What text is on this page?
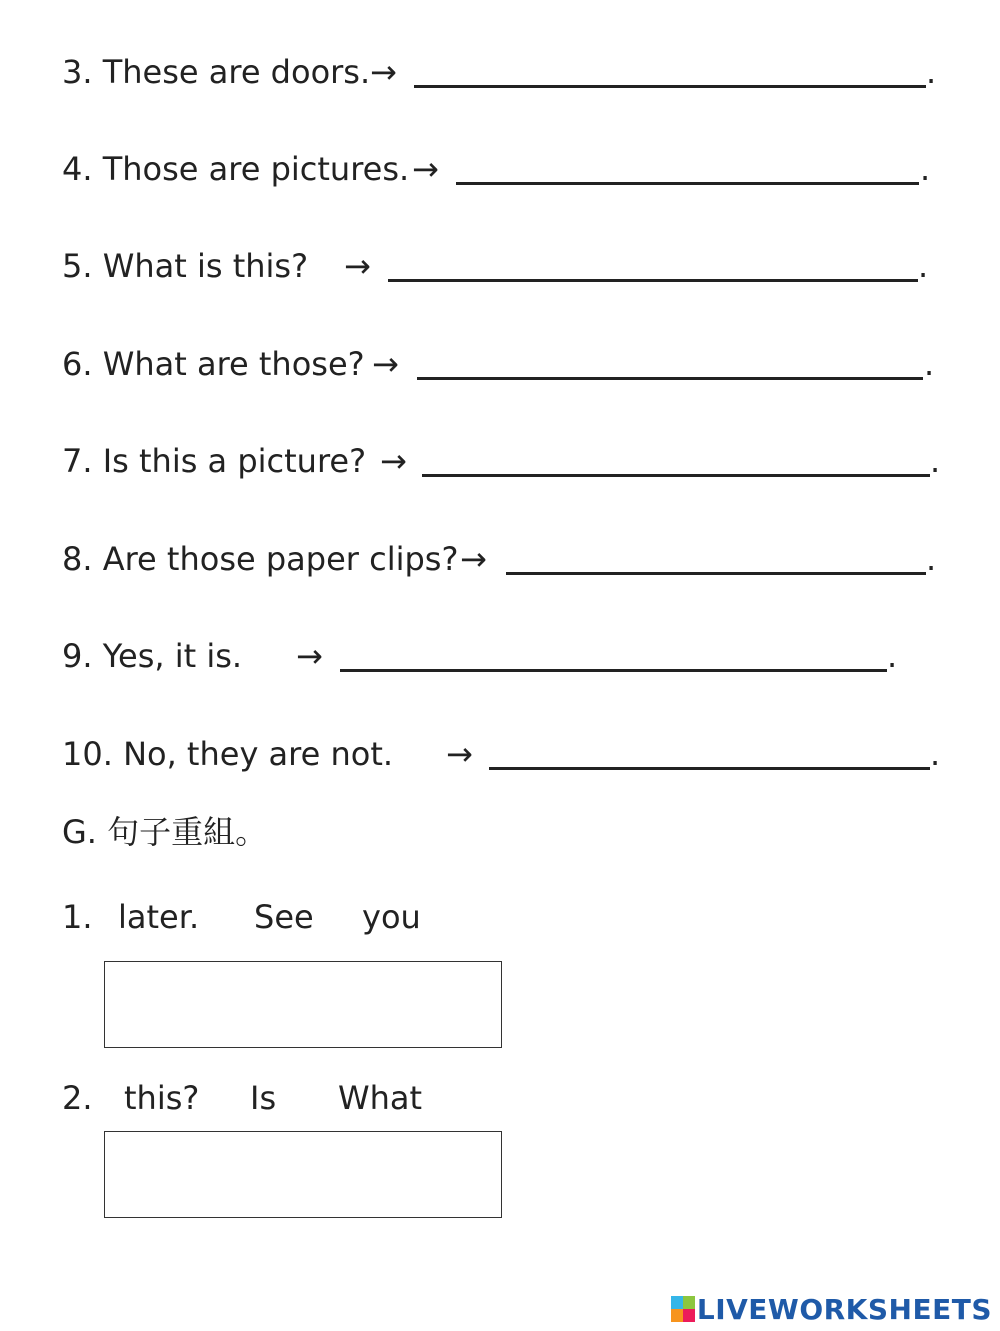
3. These are doors. →	.
4. Those are pictures. →	.
5. What is this? →	.
6. What are those? →	.
7. Is this a picture? →	.
8. Are those paper clips? →	.
9. Yes, it is. →	.
10. No, they are not. →	.
G. 句子重組。
1. later. See you
2. this? Is What
LIVEWORKSHEETS
